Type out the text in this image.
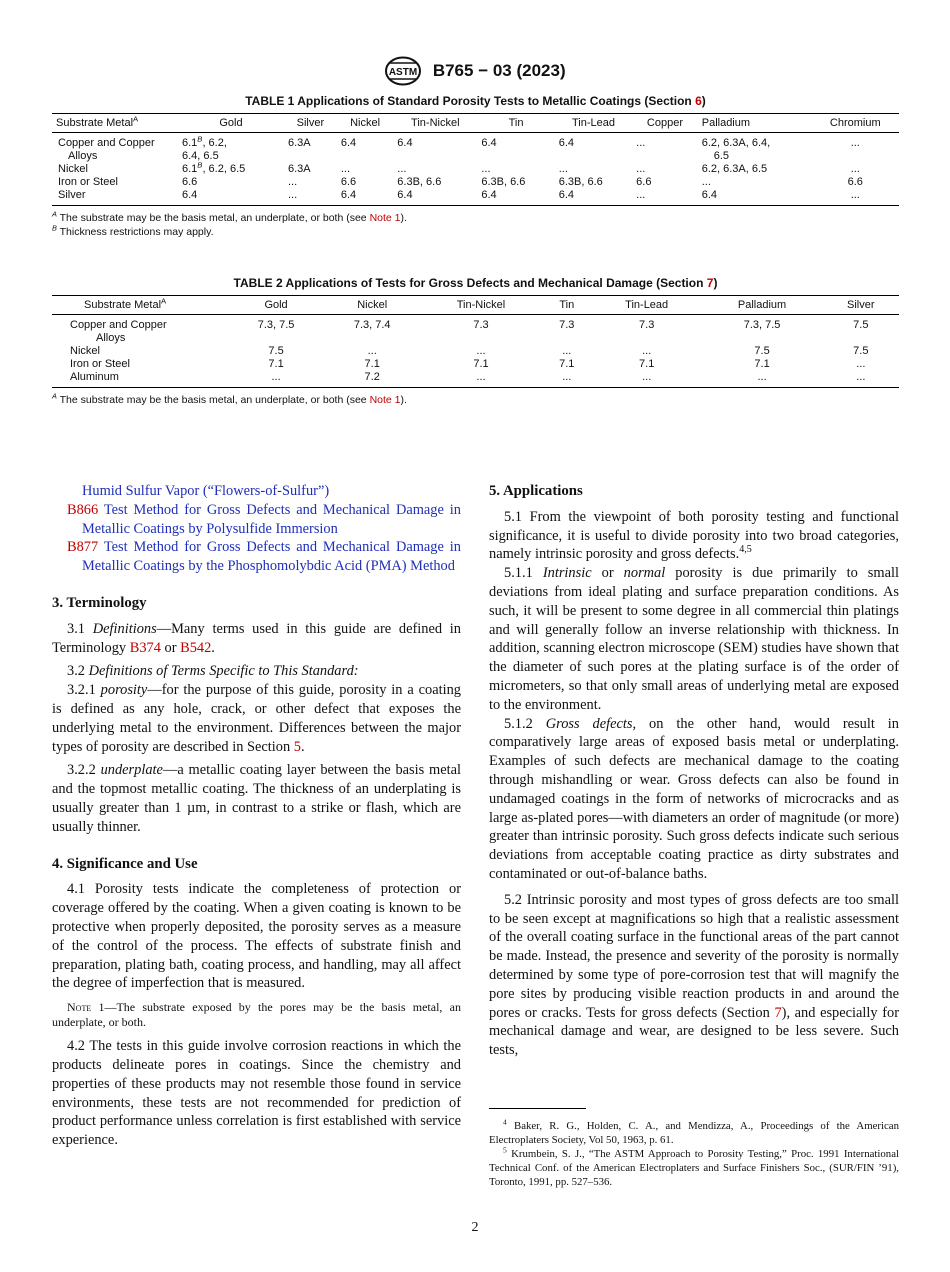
ASTM B765 − 03 (2023)
TABLE 1 Applications of Standard Porosity Tests to Metallic Coatings (Section 6)
Substrate Metal$^A$	Gold	Silver	Nickel	Tin-Nickel	Tin	Tin-Lead	Copper	Palladium	Chromium
Copper and Copper	$6.1^B$, 6.2,	6.3A	6.4	6.4	6.4	6.4	...	6.2, 6.3A, 6.4,	...
Alloys	6.4, 6.5							6.5	
Nickel	$6.1^B$, 6.2, 6.5	6.3A	...	...	...	...	...	6.2, 6.3A, 6.5	...
Iron or Steel	6.6	...	6.6	6.3B, 6.6	6.3B, 6.6	6.3B, 6.6	6.6	...	6.6
Silver	6.4	...	6.4	6.4	6.4	6.4	...	6.4	...
$^A$ The substrate may be the basis metal, an underplate, or both (see Note 1).
$^B$ Thickness restrictions may apply.
TABLE 2 Applications of Tests for Gross Defects and Mechanical Damage (Section 7)
Substrate Metal$^A$	Gold	Nickel	Tin-Nickel	Tin	Tin-Lead	Palladium	Silver
Copper and Copper	7.3, 7.5	7.3, 7.4	7.3	7.3	7.3	7.3, 7.5	7.5
Alloys							
Nickel	7.5	...	...	...	...	7.5	7.5
Iron or Steel	7.1	7.1	7.1	7.1	7.1	7.1	...
Aluminum	...	7.2	...	...	...	...	...
$^A$ The substrate may be the basis metal, an underplate, or both (see Note 1).

Humid Sulfur Vapor (“Flowers-of-Sulfur”)

B866 Test Method for Gross Defects and Mechanical Damage in Metallic Coatings by Polysulfide Immersion

B877 Test Method for Gross Defects and Mechanical Damage in Metallic Coatings by the Phosphomolybdic Acid (PMA) Method

3. Terminology

3.1 Definitions—Many terms used in this guide are defined in Terminology B374 or B542.

3.2 Definitions of Terms Specific to This Standard:

3.2.1 porosity—for the purpose of this guide, porosity in a coating is defined as any hole, crack, or other defect that exposes the underlying metal to the environment. Differences between the major types of porosity are described in Section 5.

3.2.2 underplate—a metallic coating layer between the basis metal and the topmost metallic coating. The thickness of an underplating is usually greater than 1 µm, in contrast to a strike or flash, which are usually thinner.

4. Significance and Use

4.1 Porosity tests indicate the completeness of protection or coverage offered by the coating. When a given coating is known to be protective when properly deposited, the porosity serves as a measure of the control of the process. The effects of substrate finish and preparation, plating bath, coating process, and handling, may all affect the degree of imperfection that is measured.

Note 1—The substrate exposed by the pores may be the basis metal, an underplate, or both.

4.2 The tests in this guide involve corrosion reactions in which the products delineate pores in coatings. Since the chemistry and properties of these products may not resemble those found in service environments, these tests are not recommended for prediction of product performance unless correlation is first established with service experience.

5. Applications

5.1 From the viewpoint of both porosity testing and functional significance, it is useful to divide porosity into two broad categories, namely intrinsic porosity and gross defects.$^{4,5}$

5.1.1 Intrinsic or normal porosity is due primarily to small deviations from ideal plating and surface preparation conditions. As such, it will be present to some degree in all commercial thin platings and will generally follow an inverse relationship with thickness. In addition, scanning electron microscope (SEM) studies have shown that the diameter of such pores at the plating surface is of the order of micrometers, so that only small areas of underlying metal are exposed to the environment.

5.1.2 Gross defects, on the other hand, would result in comparatively large areas of exposed basis metal or underplating. Examples of such defects are mechanical damage to the coating through mishandling or wear. Gross defects can also be found in undamaged coatings in the form of networks of microcracks and as large as-plated pores—with diameters an order of magnitude (or more) greater than intrinsic porosity. Such gross defects indicate such serious deviations from acceptable coating practice as dirty substrates and contaminated or out-of-balance baths.

5.2 Intrinsic porosity and most types of gross defects are too small to be seen except at magnifications so high that a realistic assessment of the overall coating surface in the functional areas of the part cannot be made. Instead, the presence and severity of the porosity is normally determined by some type of pore-corrosion test that will magnify the pore sites by producing visible reaction products in and around the pores or cracks. Tests for gross defects (Section 7), and especially for mechanical damage and wear, are designed to be less severe. Such tests,

$^4$ Baker, R. G., Holden, C. A., and Mendizza, A., Proceedings of the American Electroplaters Society, Vol 50, 1963, p. 61.

$^5$ Krumbein, S. J., “The ASTM Approach to Porosity Testing,” Proc. 1991 International Technical Conf. of the American Electroplaters and Surface Finishers Soc., (SUR/FIN ’91), Toronto, 1991, pp. 527–536.

2
